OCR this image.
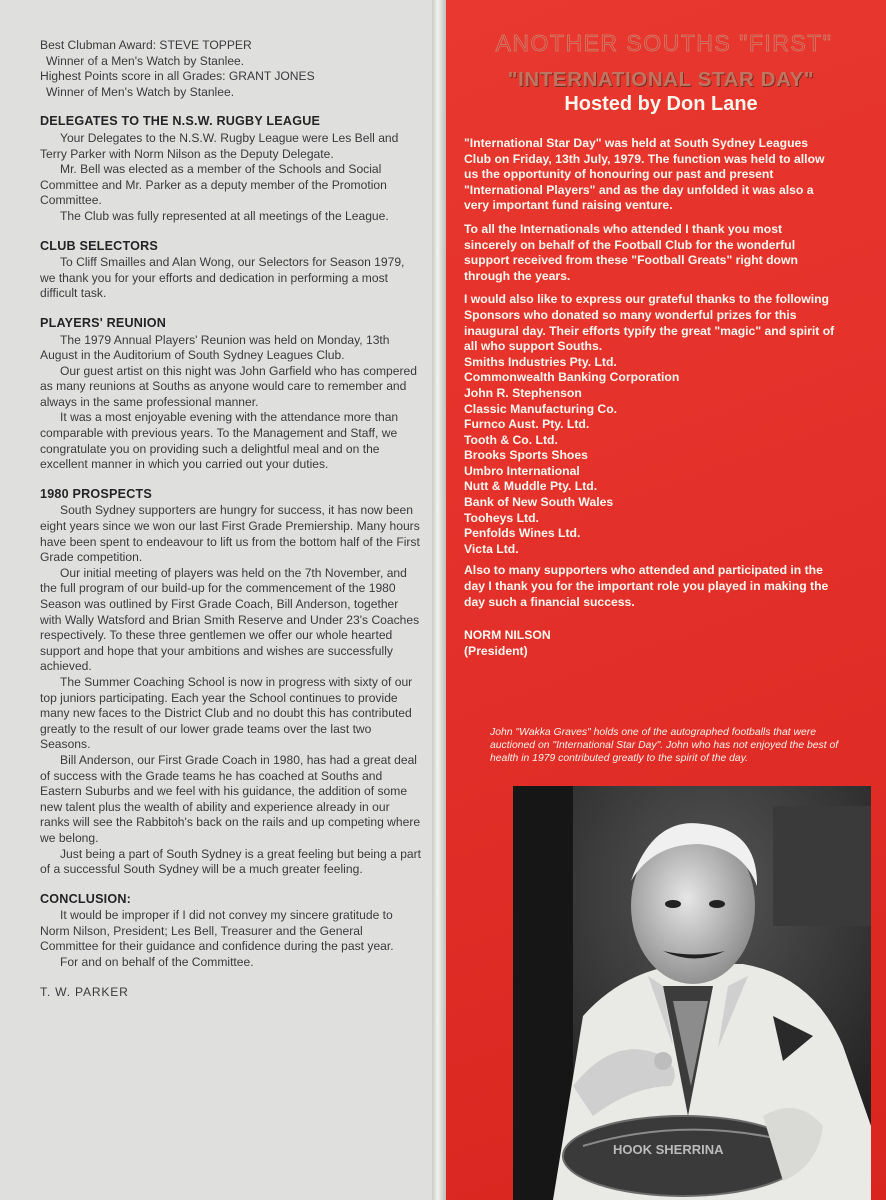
Best Clubman Award: STEVE TOPPER

Winner of a Men's Watch by Stanlee.

Highest Points score in all Grades: GRANT JONES

Winner of Men's Watch by Stanlee.

DELEGATES TO THE N.S.W. RUGBY LEAGUE

Your Delegates to the N.S.W. Rugby League were Les Bell and Terry Parker with Norm Nilson as the Deputy Delegate.

Mr. Bell was elected as a member of the Schools and Social Committee and Mr. Parker as a deputy member of the Promotion Committee.

The Club was fully represented at all meetings of the League.

CLUB SELECTORS

To Cliff Smailles and Alan Wong, our Selectors for Season 1979, we thank you for your efforts and dedication in performing a most difficult task.

PLAYERS' REUNION

The 1979 Annual Players' Reunion was held on Monday, 13th August in the Auditorium of South Sydney Leagues Club.

Our guest artist on this night was John Garfield who has compered as many reunions at Souths as anyone would care to remember and always in the same professional manner.

It was a most enjoyable evening with the attendance more than comparable with previous years. To the Management and Staff, we congratulate you on providing such a delightful meal and on the excellent manner in which you carried out your duties.

1980 PROSPECTS

South Sydney supporters are hungry for success, it has now been eight years since we won our last First Grade Premiership. Many hours have been spent to endeavour to lift us from the bottom half of the First Grade competition.

Our initial meeting of players was held on the 7th November, and the full program of our build-up for the commencement of the 1980 Season was outlined by First Grade Coach, Bill Anderson, together with Wally Watsford and Brian Smith Reserve and Under 23's Coaches respectively. To these three gentlemen we offer our whole hearted support and hope that your ambitions and wishes are successfully achieved.

The Summer Coaching School is now in progress with sixty of our top juniors participating. Each year the School continues to provide many new faces to the District Club and no doubt this has contributed greatly to the result of our lower grade teams over the last two Seasons.

Bill Anderson, our First Grade Coach in 1980, has had a great deal of success with the Grade teams he has coached at Souths and Eastern Suburbs and we feel with his guidance, the addition of some new talent plus the wealth of ability and experience already in our ranks will see the Rabbitoh's back on the rails and up competing where we belong.

Just being a part of South Sydney is a great feeling but being a part of a successful South Sydney will be a much greater feeling.

CONCLUSION:

It would be improper if I did not convey my sincere gratitude to Norm Nilson, President; Les Bell, Treasurer and the General Committee for their guidance and confidence during the past year.

For and on behalf of the Committee.

T. W. PARKER

ANOTHER SOUTHS "FIRST"
"INTERNATIONAL STAR DAY"
Hosted by Don Lane

"International Star Day" was held at South Sydney Leagues Club on Friday, 13th July, 1979. The function was held to allow us the opportunity of honouring our past and present "International Players" and as the day unfolded it was also a very important fund raising venture.

To all the Internationals who attended I thank you most sincerely on behalf of the Football Club for the wonderful support received from these "Football Greats" right down through the years.

I would also like to express our grateful thanks to the following Sponsors who donated so many wonderful prizes for this inaugural day. Their efforts typify the great "magic" and spirit of all who support Souths.

Smiths Industries Pty. Ltd.
Commonwealth Banking Corporation
John R. Stephenson
Classic Manufacturing Co.
Furnco Aust. Pty. Ltd.
Tooth & Co. Ltd.
Brooks Sports Shoes
Umbro International
Nutt & Muddle Pty. Ltd.
Bank of New South Wales
Tooheys Ltd.
Penfolds Wines Ltd.
Victa Ltd.

Also to many supporters who attended and participated in the day I thank you for the important role you played in making the day such a financial success.

NORM NILSON
(President)
John "Wakka Graves" holds one of the autographed footballs that were auctioned on "International Star Day". John who has not enjoyed the best of health in 1979 contributed greatly to the spirit of the day.
HOOK SHERRINA
